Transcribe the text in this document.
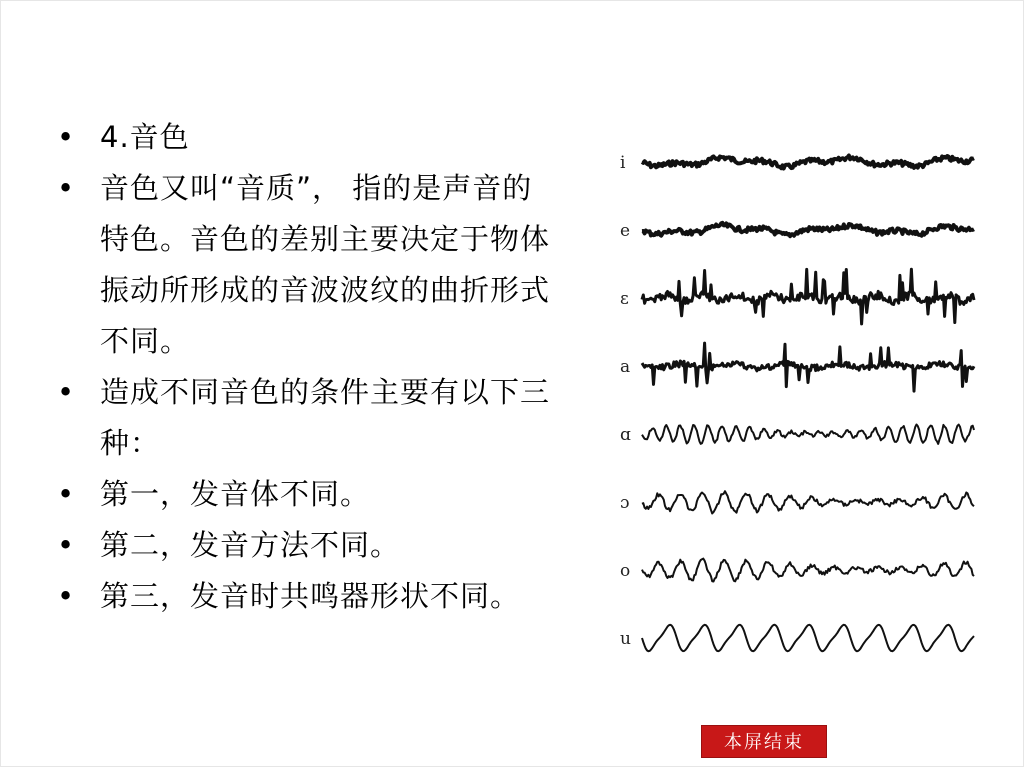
• 4.音色
• 音色又叫“音质”， 指的是声音的特色。音色的差别主要决定于物体振动所形成的音波波纹的曲折形式不同。
• 造成不同音色的条件主要有以下三种：
• 第一，发音体不同。
• 第二，发音方法不同。
• 第三，发音时共鸣器形状不同。
i
e
ɛ
a
ɑ
ɔ
o
u
本屏结束
